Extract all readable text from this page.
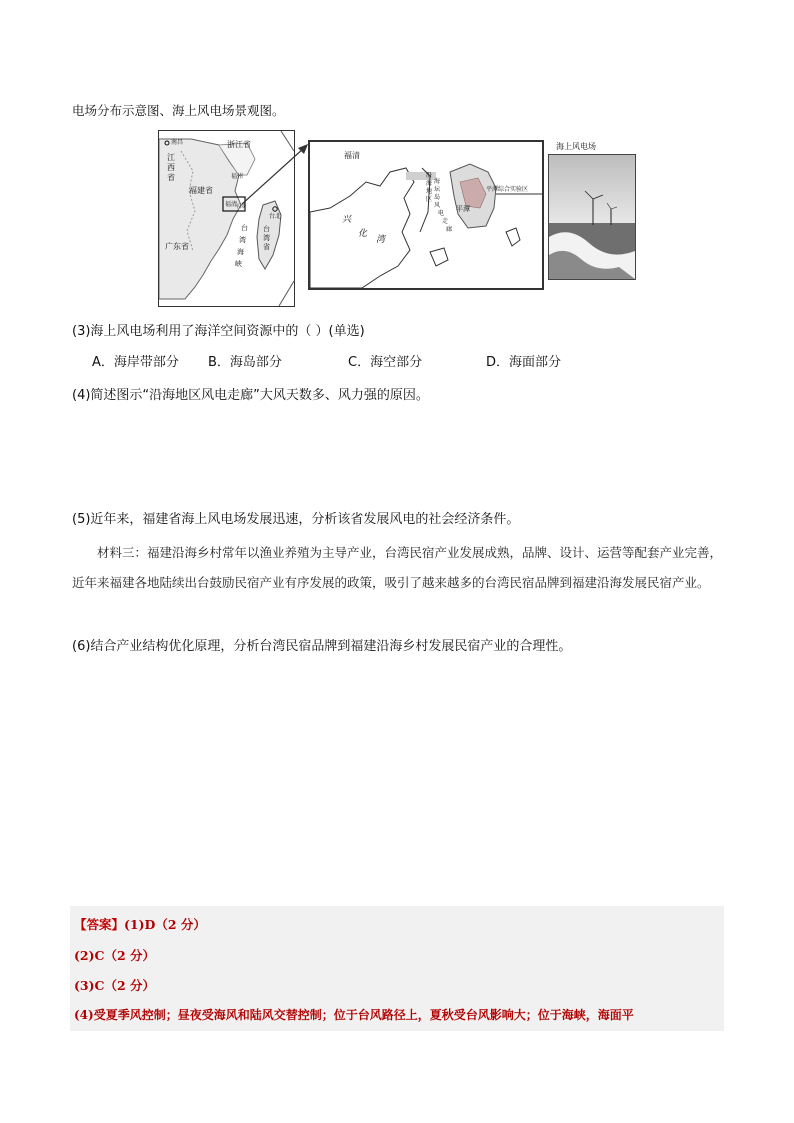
电场分布示意图、海上风电场景观图。
南昌	浙江省
江西省	福州
福建省
福清
平潭
台北
台湾省
广东省
台
湾
海
峡
福清
兴
化
湾
海
坛
岛
平潭
平潭综合实验区
沿
海
地
区
风
电
走
廊
海上风电场
(3)海上风电场利用了海洋空间资源中的（ ）(单选)
A．海岸带部分 B．海岛部分	C．海空部分	D．海面部分
(4)简述图示“沿海地区风电走廊”大风天数多、风力强的原因。
(5)近年来，福建省海上风电场发展迅速，分析该省发展风电的社会经济条件。
材料三：福建沿海乡村常年以渔业养殖为主导产业，台湾民宿产业发展成熟，品牌、设计、运营等配套产业完善，近年来福建各地陆续出台鼓励民宿产业有序发展的政策，吸引了越来越多的台湾民宿品牌到福建沿海发展民宿产业。
(6)结合产业结构优化原理，分析台湾民宿品牌到福建沿海乡村发展民宿产业的合理性。
【答案】(1)D（2 分）
(2)C（2 分）
(3)C（2 分）
(4)受夏季风控制；昼夜受海风和陆风交替控制；位于台风路径上，夏秋受台风影响大；位于海峡，海面平
